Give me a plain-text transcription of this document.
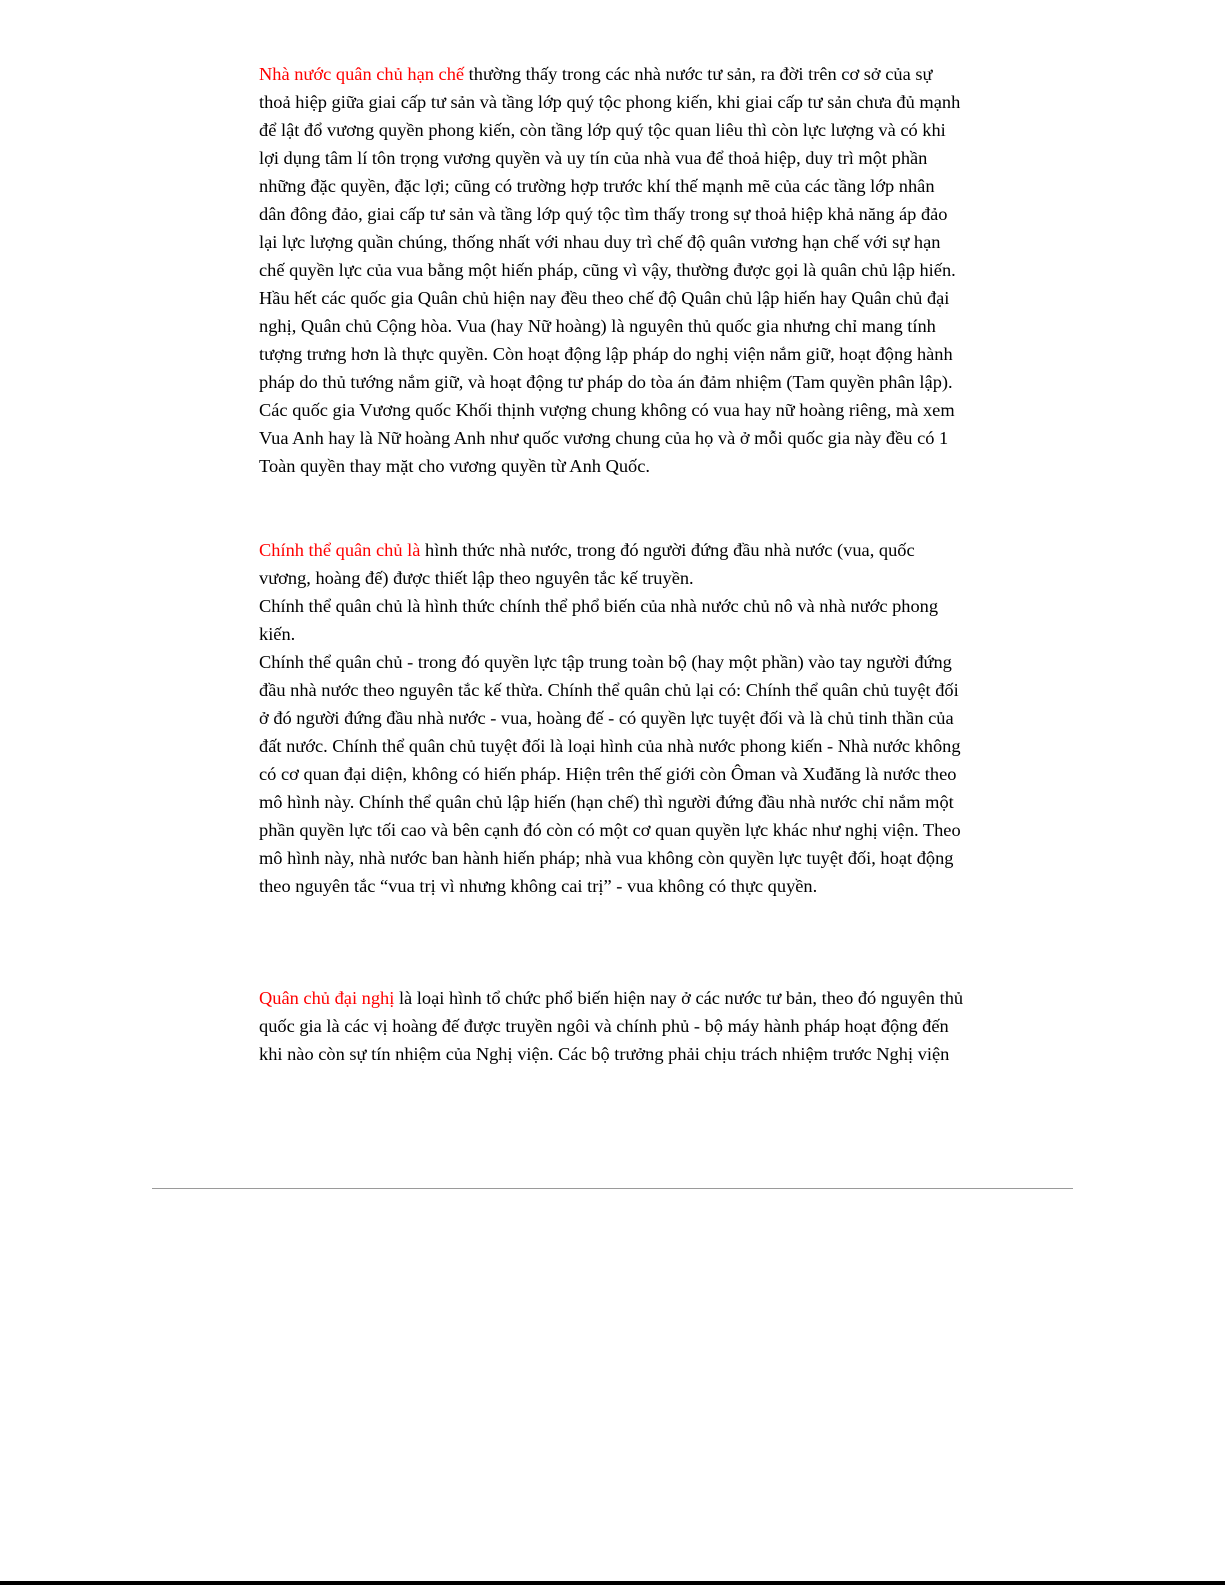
Nhà nước quân chủ hạn chế thường thấy trong các nhà nước tư sản, ra đời trên cơ sở của sự thoả hiệp giữa giai cấp tư sản và tầng lớp quý tộc phong kiến, khi giai cấp tư sản chưa đủ mạnh để lật đổ vương quyền phong kiến, còn tầng lớp quý tộc quan liêu thì còn lực lượng và có khi lợi dụng tâm lí tôn trọng vương quyền và uy tín của nhà vua để thoả hiệp, duy trì một phần những đặc quyền, đặc lợi; cũng có trường hợp trước khí thế mạnh mẽ của các tầng lớp nhân dân đông đảo, giai cấp tư sản và tầng lớp quý tộc tìm thấy trong sự thoả hiệp khả năng áp đảo lại lực lượng quần chúng, thống nhất với nhau duy trì chế độ quân vương hạn chế với sự hạn chế quyền lực của vua bằng một hiến pháp, cũng vì vậy, thường được gọi là quân chủ lập hiến.

Hầu hết các quốc gia Quân chủ hiện nay đều theo chế độ Quân chủ lập hiến hay Quân chủ đại nghị, Quân chủ Cộng hòa. Vua (hay Nữ hoàng) là nguyên thủ quốc gia nhưng chỉ mang tính tượng trưng hơn là thực quyền. Còn hoạt động lập pháp do nghị viện nắm giữ, hoạt động hành pháp do thủ tướng nắm giữ, và hoạt động tư pháp do tòa án đảm nhiệm (Tam quyền phân lập). Các quốc gia Vương quốc Khối thịnh vượng chung không có vua hay nữ hoàng riêng, mà xem Vua Anh hay là Nữ hoàng Anh như quốc vương chung của họ và ở mỗi quốc gia này đều có 1 Toàn quyền thay mặt cho vương quyền từ Anh Quốc.

Chính thể quân chủ là hình thức nhà nước, trong đó người đứng đầu nhà nước (vua, quốc vương, hoàng đế) được thiết lập theo nguyên tắc kế truyền.

Chính thể quân chủ là hình thức chính thể phổ biến của nhà nước chủ nô và nhà nước phong kiến.

Chính thể quân chủ - trong đó quyền lực tập trung toàn bộ (hay một phần) vào tay người đứng đầu nhà nước theo nguyên tắc kế thừa. Chính thể quân chủ lại có: Chính thể quân chủ tuyệt đối ở đó người đứng đầu nhà nước - vua, hoàng đế - có quyền lực tuyệt đối và là chủ tinh thần của đất nước. Chính thể quân chủ tuyệt đối là loại hình của nhà nước phong kiến - Nhà nước không có cơ quan đại diện, không có hiến pháp. Hiện trên thế giới còn Ôman và Xuđăng là nước theo mô hình này. Chính thể quân chủ lập hiến (hạn chế) thì người đứng đầu nhà nước chỉ nắm một phần quyền lực tối cao và bên cạnh đó còn có một cơ quan quyền lực khác như nghị viện. Theo mô hình này, nhà nước ban hành hiến pháp; nhà vua không còn quyền lực tuyệt đối, hoạt động theo nguyên tắc “vua trị vì nhưng không cai trị” - vua không có thực quyền.

Quân chủ đại nghị là loại hình tổ chức phổ biến hiện nay ở các nước tư bản, theo đó nguyên thủ quốc gia là các vị hoàng đế được truyền ngôi và chính phủ - bộ máy hành pháp hoạt động đến khi nào còn sự tín nhiệm của Nghị viện. Các bộ trưởng phải chịu trách nhiệm trước Nghị viện
